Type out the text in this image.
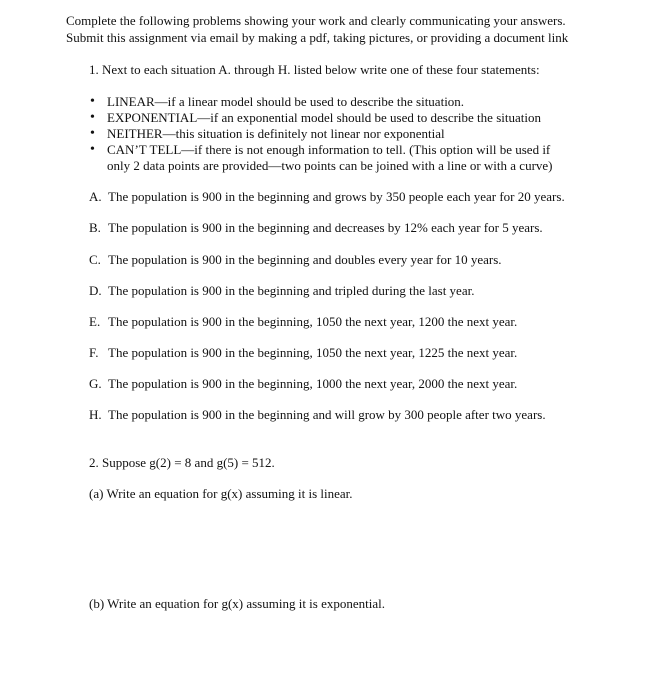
Complete the following problems showing your work and clearly communicating your answers.
Submit this assignment via email by making a pdf, taking pictures, or providing a document link
1. Next to each situation A. through H. listed below write one of these four statements:
• LINEAR—if a linear model should be used to describe the situation.
• EXPONENTIAL—if an exponential model should be used to describe the situation
• NEITHER—this situation is definitely not linear nor exponential
• CAN’T TELL—if there is not enough information to tell. (This option will be used if
only 2 data points are provided—two points can be joined with a line or with a curve)
A. The population is 900 in the beginning and grows by 350 people each year for 20 years.
B. The population is 900 in the beginning and decreases by 12% each year for 5 years.
C. The population is 900 in the beginning and doubles every year for 10 years.
D. The population is 900 in the beginning and tripled during the last year.
E. The population is 900 in the beginning, 1050 the next year, 1200 the next year.
F. The population is 900 in the beginning, 1050 the next year, 1225 the next year.
G. The population is 900 in the beginning, 1000 the next year, 2000 the next year.
H. The population is 900 in the beginning and will grow by 300 people after two years.
2. Suppose g(2) = 8 and g(5) = 512.
(a) Write an equation for g(x) assuming it is linear.
(b) Write an equation for g(x) assuming it is exponential.
